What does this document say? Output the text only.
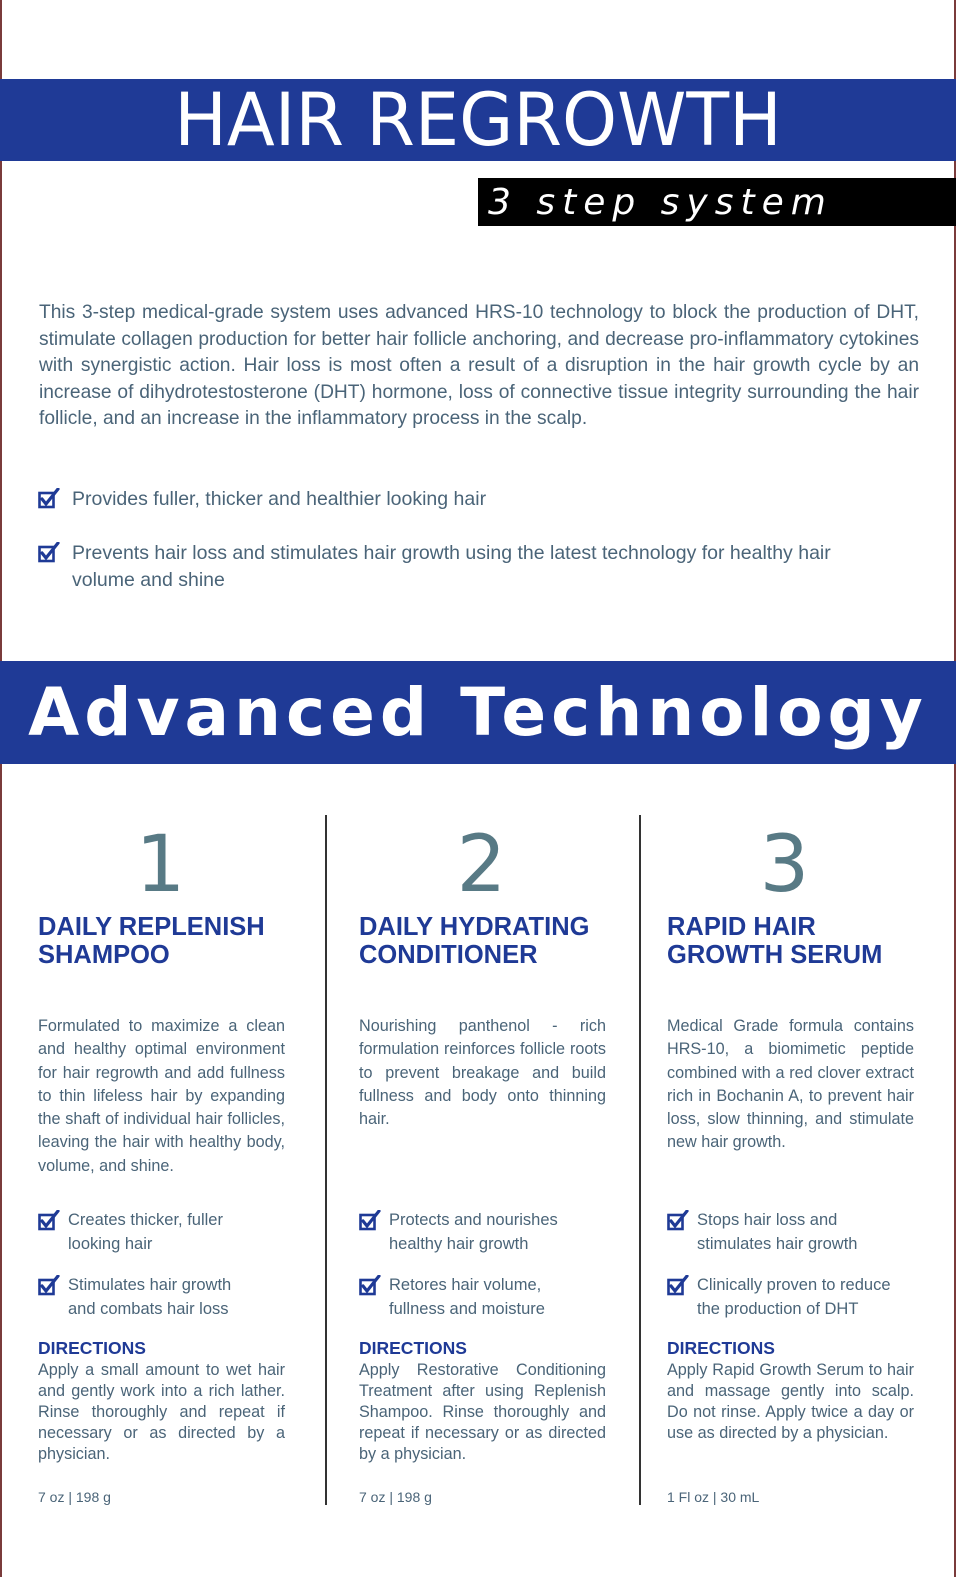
HAIR REGROWTH
3 step system
This 3-step medical-grade system uses advanced HRS-10 technology to block the production of DHT, stimulate collagen production for better hair follicle anchoring, and decrease pro-inflammatory cytokines with synergistic action. Hair loss is most often a result of a disruption in the hair growth cycle by an increase of dihydrotestosterone (DHT) hormone, loss of connective tissue integrity surrounding the hair follicle, and an increase in the inflammatory process in the scalp.
Provides fuller, thicker and healthier looking hair
Prevents hair loss and stimulates hair growth using the latest technology for healthy hair volume and shine
Advanced Technology
1
DAILY REPLENISH
SHAMPOO
Formulated to maximize a clean and healthy optimal environment for hair regrowth and add fullness to thin lifeless hair by expanding the shaft of individual hair follicles, leaving the hair with healthy body, volume, and shine.
Creates thicker, fuller looking hair
Stimulates hair growth and combats hair loss
DIRECTIONS
Apply a small amount to wet hair and gently work into a rich lather. Rinse thoroughly and repeat if necessary or as directed by a physician.
7 oz | 198 g
2
DAILY HYDRATING
CONDITIONER
Nourishing panthenol - rich formulation reinforces follicle roots to prevent breakage and build fullness and body onto thinning hair.
Protects and nourishes healthy hair growth
Retores hair volume, fullness and moisture
DIRECTIONS
Apply Restorative Conditioning Treatment after using Replenish Shampoo. Rinse thoroughly and repeat if necessary or as directed by a physician.
7 oz | 198 g
3
RAPID HAIR
GROWTH SERUM
Medical Grade formula contains HRS-10, a biomimetic peptide combined with a red clover extract rich in Bochanin A, to prevent hair loss, slow thinning, and stimulate new hair growth.
Stops hair loss and stimulates hair growth
Clinically proven to reduce the production of DHT
DIRECTIONS
Apply Rapid Growth Serum to hair and massage gently into scalp. Do not rinse. Apply twice a day or use as directed by a physician.
1 Fl oz | 30 mL
